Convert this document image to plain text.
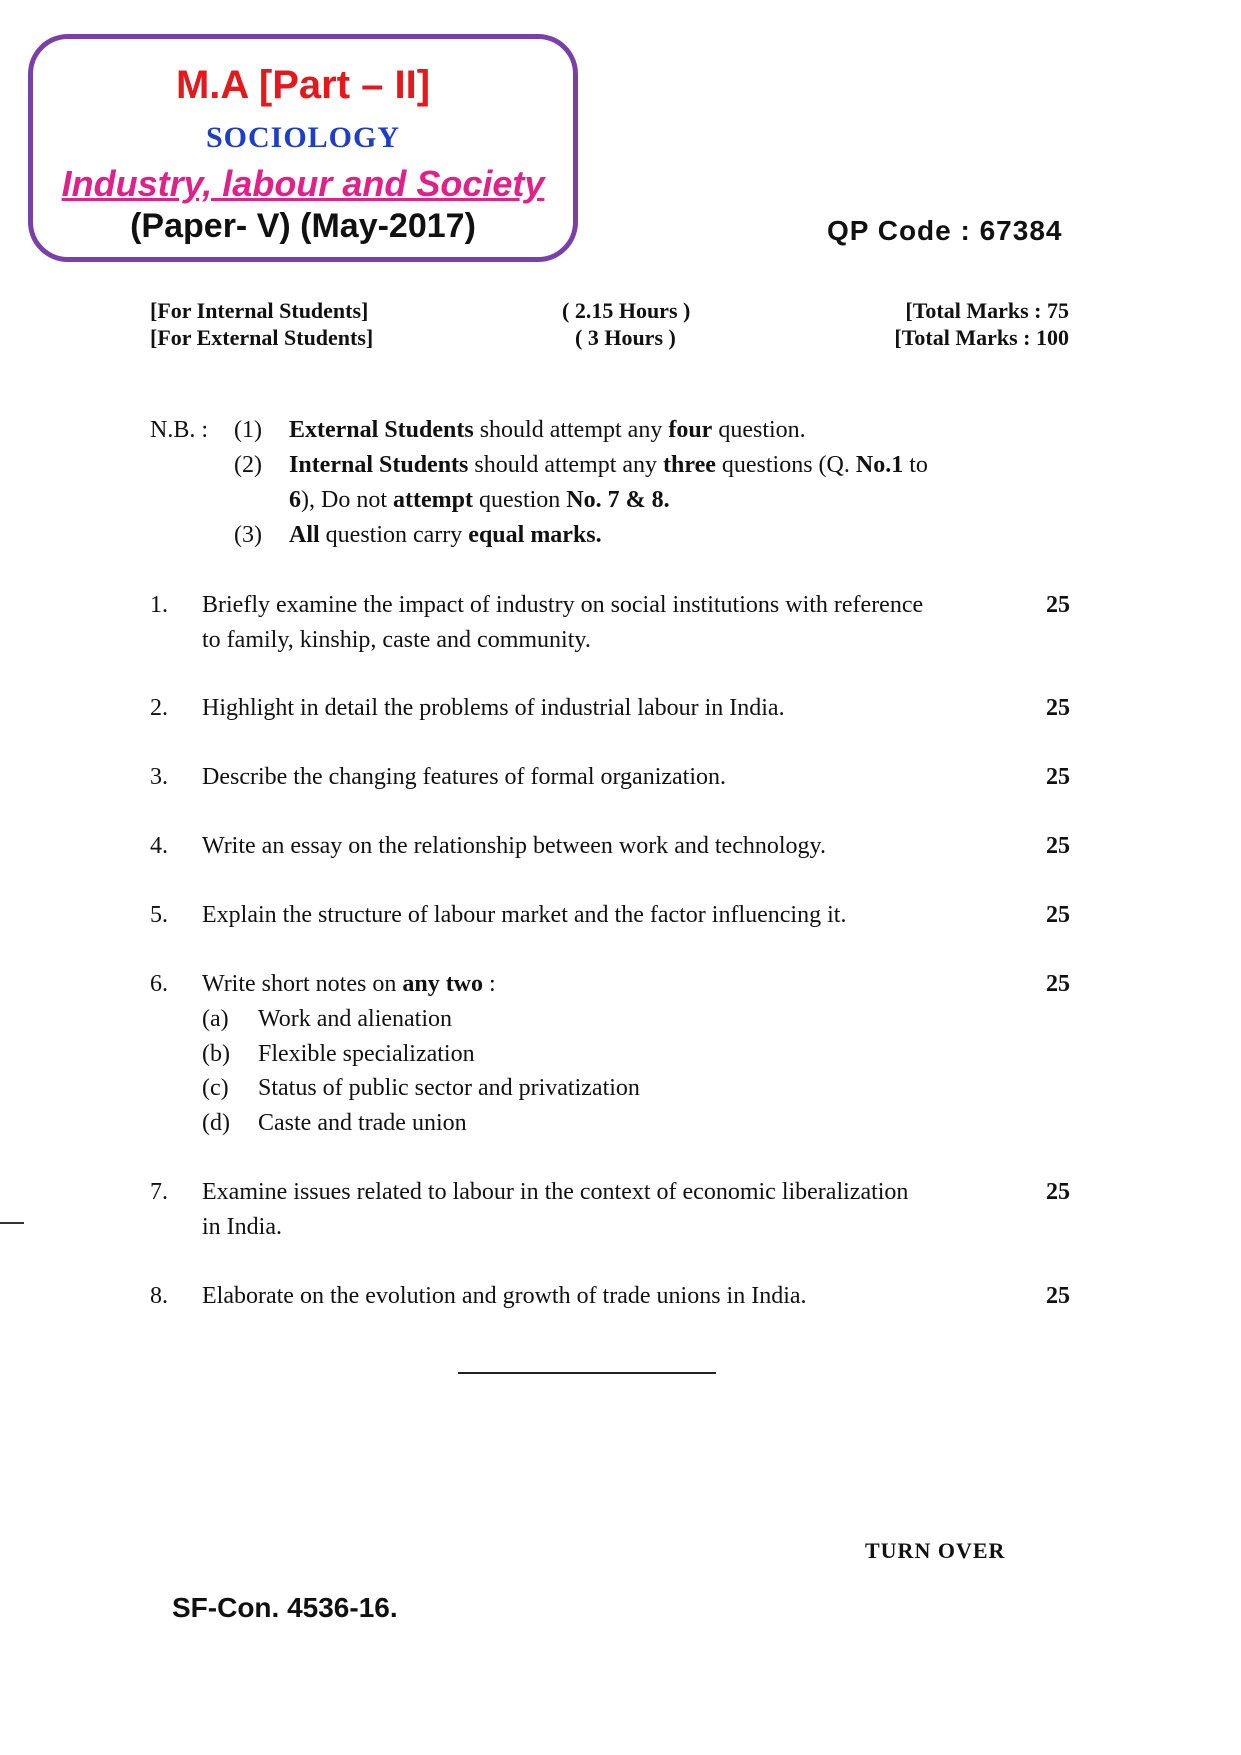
M.A [Part – II]
SOCIOLOGY
Industry, labour and Society
(Paper- V) (May-2017)	QP Code : 67384
[For Internal Students]	( 2.15 Hours )	[Total Marks : 75
[For External Students]	( 3 Hours )	[Total Marks : 100
N.B. : (1) External Students should attempt any four question.
(2) Internal Students should attempt any three questions (Q. No.1 to
6), Do not attempt question No. 7 & 8.
(3) All question carry equal marks.
1. Briefly examine the impact of industry on social institutions with reference
to family, kinship, caste and community.
25
2. Highlight in detail the problems of industrial labour in India.	25
3. Describe the changing features of formal organization.	25
4. Write an essay on the relationship between work and technology.	25
5. Explain the structure of labour market and the factor influencing it.	25
6. Write short notes on any two :	25
(a) Work and alienation
(b) Flexible specialization
(c) Status of public sector and privatization
(d) Caste and trade union
7. Examine issues related to labour in the context of economic liberalization
in India.
25
8. Elaborate on the evolution and growth of trade unions in India.	25
TURN OVER
SF-Con. 4536-16.
